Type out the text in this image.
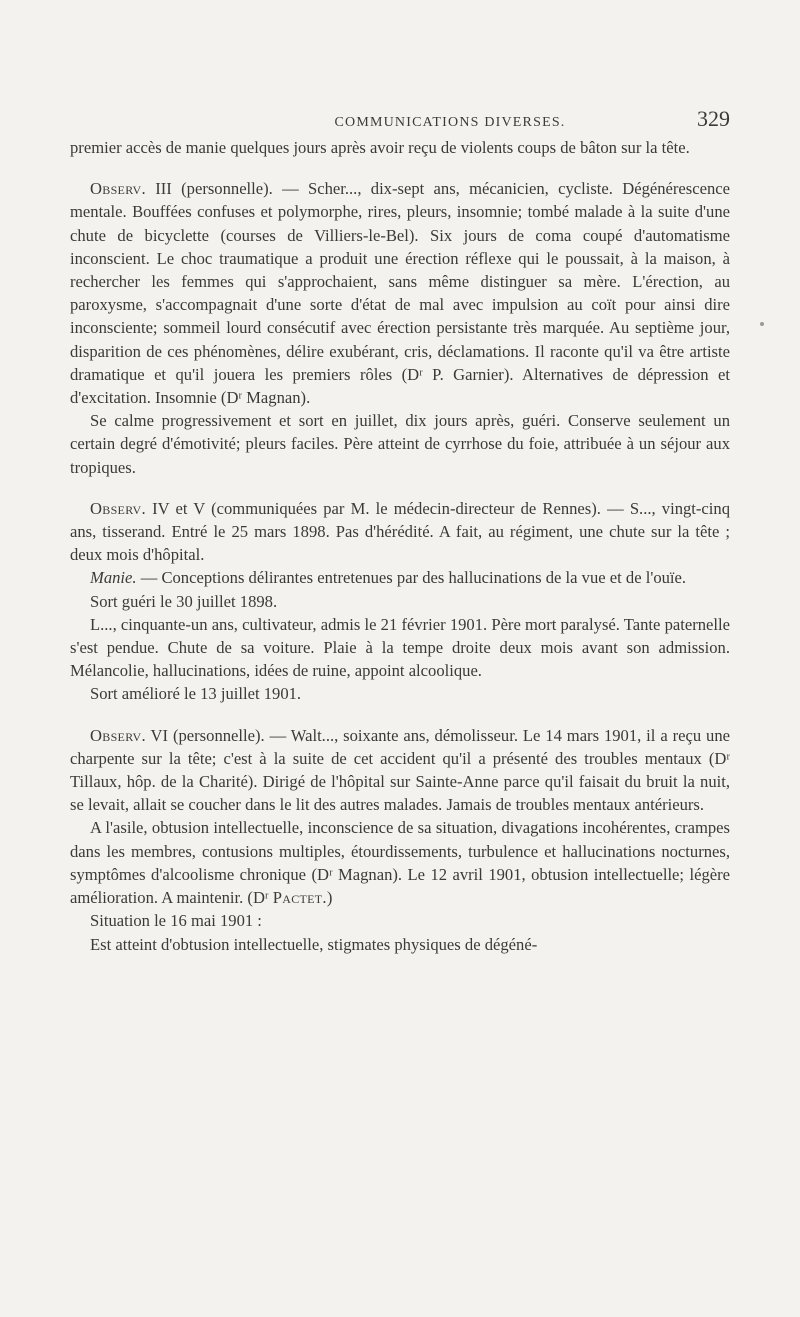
COMMUNICATIONS DIVERSES.	329

premier accès de manie quelques jours après avoir reçu de violents coups de bâton sur la tête.

Observ. III (personnelle). — Scher..., dix-sept ans, mécanicien, cycliste. Dégénérescence mentale. Bouffées confuses et polymorphe, rires, pleurs, insomnie; tombé malade à la suite d'une chute de bicyclette (courses de Villiers-le-Bel). Six jours de coma coupé d'automatisme inconscient. Le choc traumatique a produit une érection réflexe qui le poussait, à la maison, à rechercher les femmes qui s'approchaient, sans même distinguer sa mère. L'érection, au paroxysme, s'accompagnait d'une sorte d'état de mal avec impulsion au coït pour ainsi dire inconsciente; sommeil lourd consécutif avec érection persistante très marquée. Au septième jour, disparition de ces phénomènes, délire exubérant, cris, déclamations. Il raconte qu'il va être artiste dramatique et qu'il jouera les premiers rôles (Dʳ P. Garnier). Alternatives de dépression et d'excitation. Insomnie (Dʳ Magnan).

Se calme progressivement et sort en juillet, dix jours après, guéri. Conserve seulement un certain degré d'émotivité; pleurs faciles. Père atteint de cyrrhose du foie, attribuée à un séjour aux tropiques.

Observ. IV et V (communiquées par M. le médecin-directeur de Rennes). — S..., vingt-cinq ans, tisserand. Entré le 25 mars 1898. Pas d'hérédité. A fait, au régiment, une chute sur la tête ; deux mois d'hôpital.

Manie. — Conceptions délirantes entretenues par des hallucinations de la vue et de l'ouïe.

Sort guéri le 30 juillet 1898.

L..., cinquante-un ans, cultivateur, admis le 21 février 1901. Père mort paralysé. Tante paternelle s'est pendue. Chute de sa voiture. Plaie à la tempe droite deux mois avant son admission. Mélancolie, hallucinations, idées de ruine, appoint alcoolique.

Sort amélioré le 13 juillet 1901.

Observ. VI (personnelle). — Walt..., soixante ans, démolisseur. Le 14 mars 1901, il a reçu une charpente sur la tête; c'est à la suite de cet accident qu'il a présenté des troubles mentaux (Dʳ Tillaux, hôp. de la Charité). Dirigé de l'hôpital sur Sainte-Anne parce qu'il faisait du bruit la nuit, se levait, allait se coucher dans le lit des autres malades. Jamais de troubles mentaux antérieurs.

A l'asile, obtusion intellectuelle, inconscience de sa situation, divagations incohérentes, crampes dans les membres, contusions multiples, étourdissements, turbulence et hallucinations nocturnes, symptômes d'alcoolisme chronique (Dʳ Magnan). Le 12 avril 1901, obtusion intellectuelle; légère amélioration. A maintenir. (Dʳ Pactet.)

Situation le 16 mai 1901 :

Est atteint d'obtusion intellectuelle, stigmates physiques de dégéné-
